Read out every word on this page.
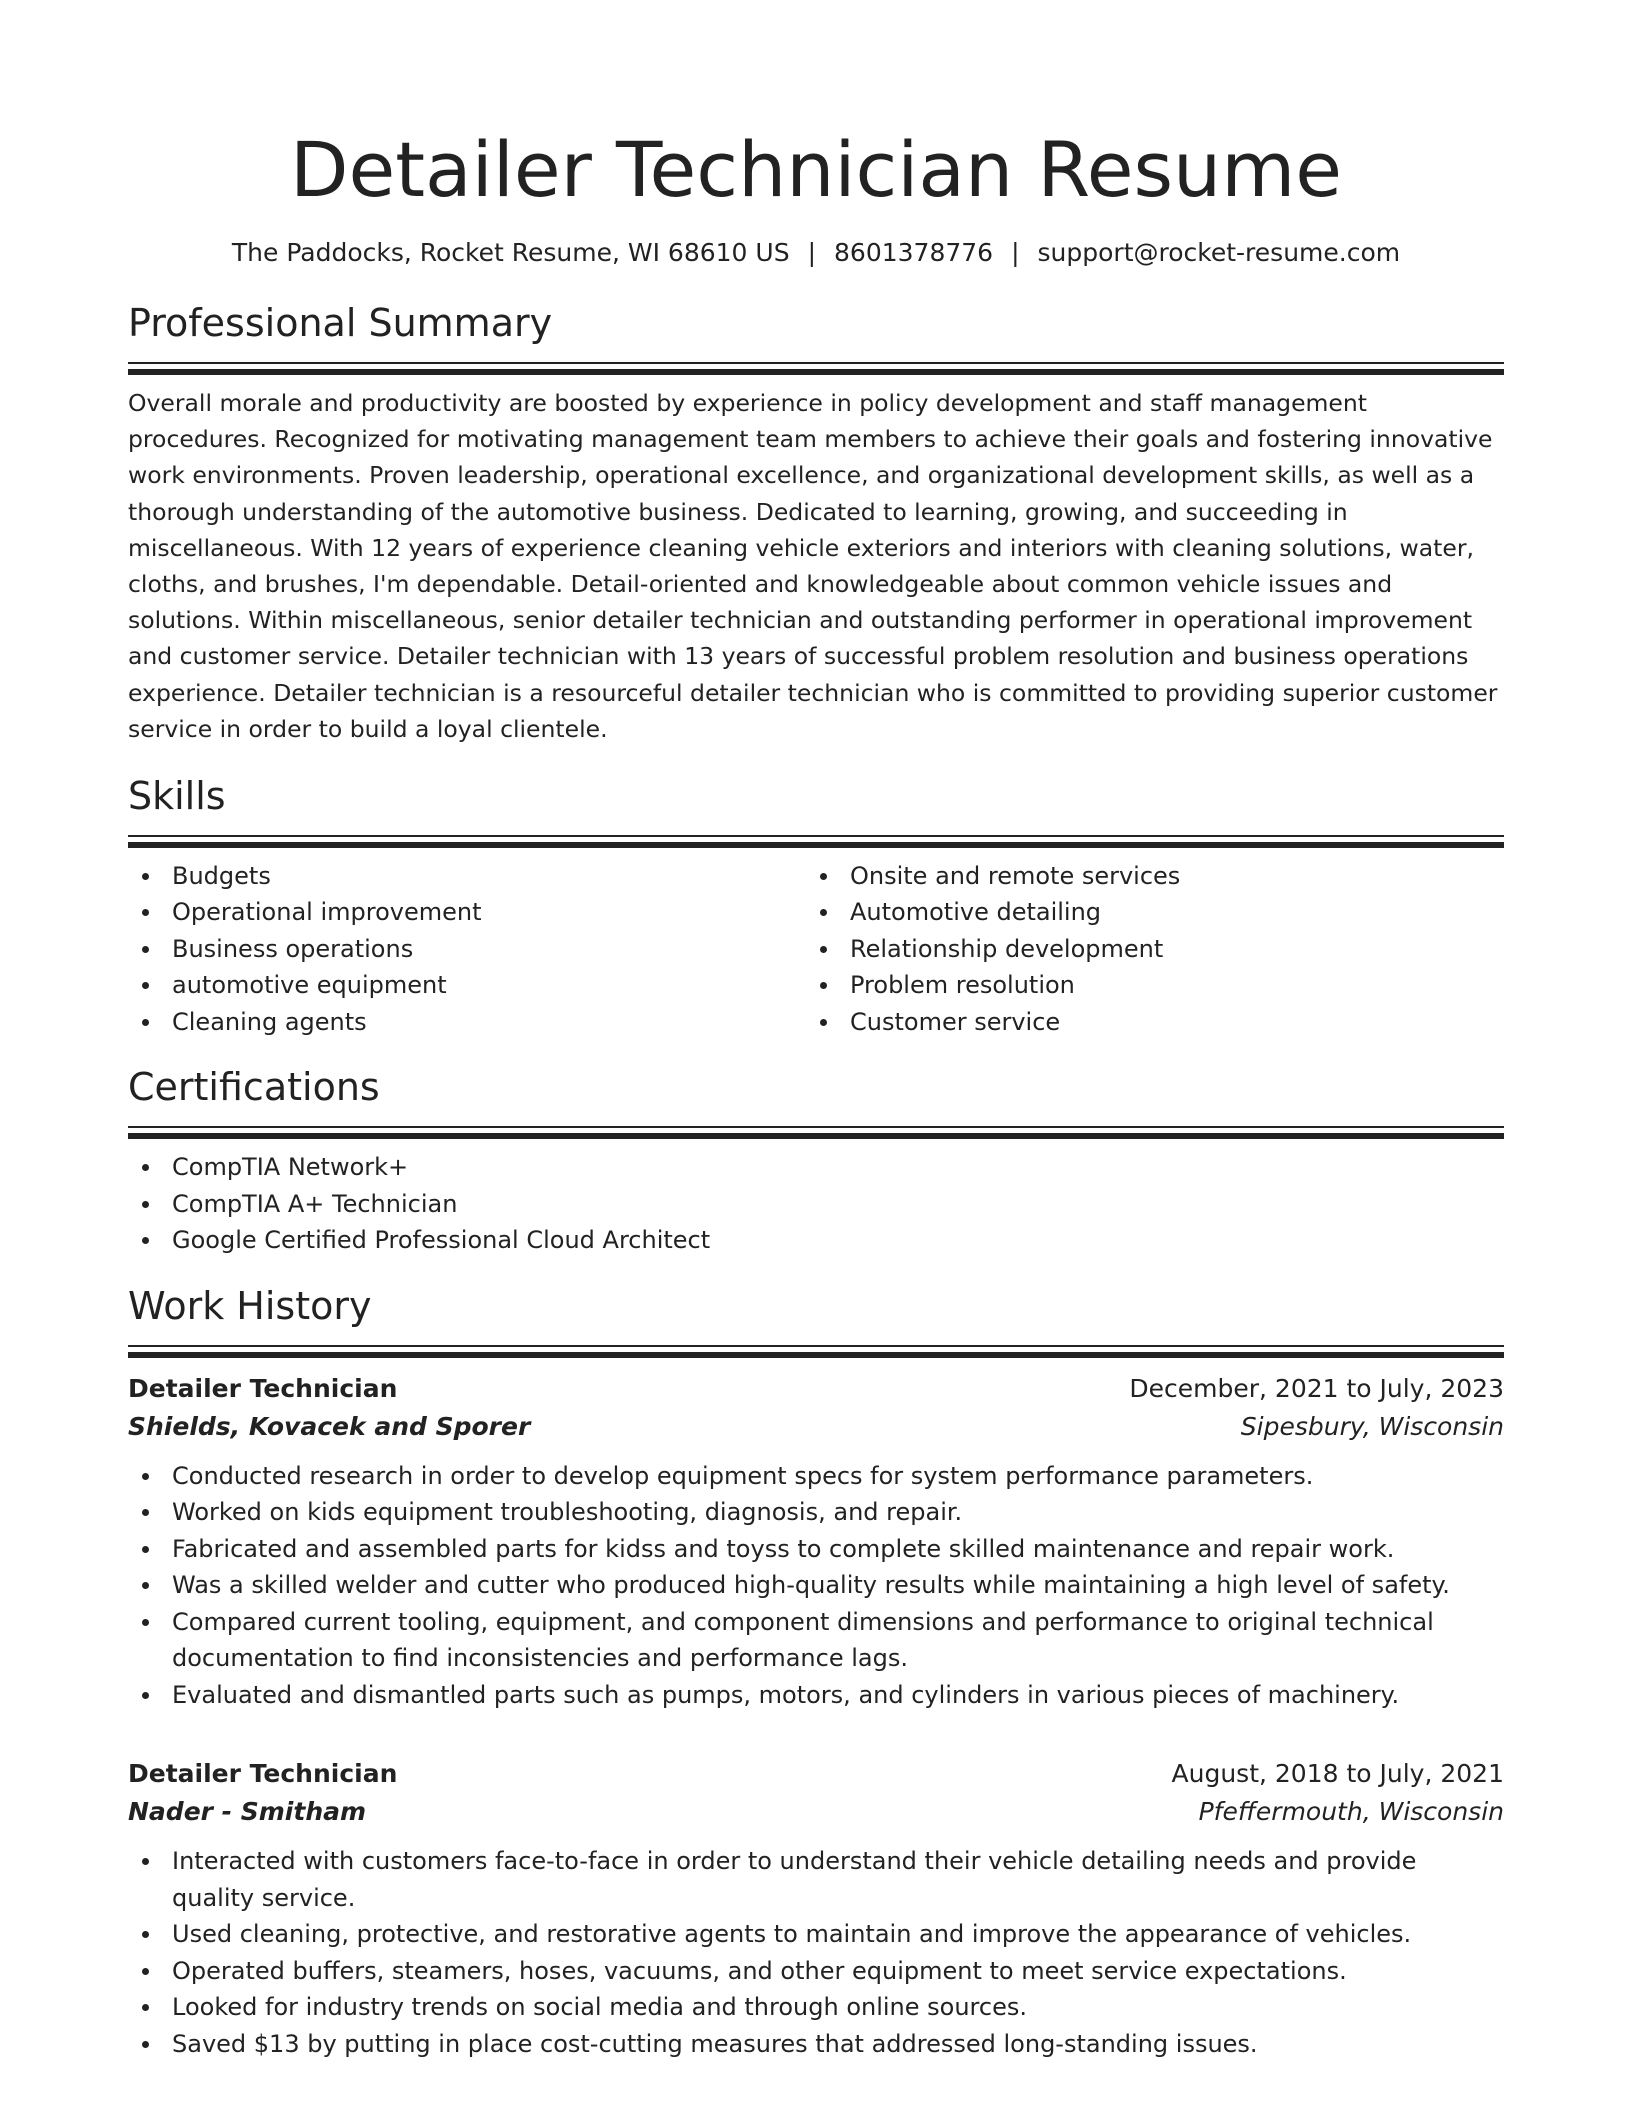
Detailer Technician Resume
The Paddocks, Rocket Resume, WI 68610 US | 8601378776 | support@rocket-resume.com
Professional Summary

Overall morale and productivity are boosted by experience in policy development and staff management procedures. Recognized for motivating management team members to achieve their goals and fostering innovative work environments. Proven leadership, operational excellence, and organizational development skills, as well as a thorough understanding of the automotive business. Dedicated to learning, growing, and succeeding in miscellaneous. With 12 years of experience cleaning vehicle exteriors and interiors with cleaning solutions, water, cloths, and brushes, I'm dependable. Detail-oriented and knowledgeable about common vehicle issues and solutions. Within miscellaneous, senior detailer technician and outstanding performer in operational improvement and customer service. Detailer technician with 13 years of successful problem resolution and business operations experience. Detailer technician is a resourceful detailer technician who is committed to providing superior customer service in order to build a loyal clientele.

Skills
Budgets
Operational improvement
Business operations
automotive equipment
Cleaning agents
Onsite and remote services
Automotive detailing
Relationship development
Problem resolution
Customer service
Certifications
CompTIA Network+
CompTIA A+ Technician
Google Certified Professional Cloud Architect
Work History
Detailer Technician	December, 2021 to July, 2023
Shields, Kovacek and Sporer	Sipesbury, Wisconsin
Conducted research in order to develop equipment specs for system performance parameters.
Worked on kids equipment troubleshooting, diagnosis, and repair.
Fabricated and assembled parts for kidss and toyss to complete skilled maintenance and repair work.
Was a skilled welder and cutter who produced high-quality results while maintaining a high level of safety.
Compared current tooling, equipment, and component dimensions and performance to original technical documentation to find inconsistencies and performance lags.
Evaluated and dismantled parts such as pumps, motors, and cylinders in various pieces of machinery.
Detailer Technician	August, 2018 to July, 2021
Nader - Smitham	Pfeffermouth, Wisconsin
Interacted with customers face-to-face in order to understand their vehicle detailing needs and provide quality service.
Used cleaning, protective, and restorative agents to maintain and improve the appearance of vehicles.
Operated buffers, steamers, hoses, vacuums, and other equipment to meet service expectations.
Looked for industry trends on social media and through online sources.
Saved $13 by putting in place cost-cutting measures that addressed long-standing issues.
